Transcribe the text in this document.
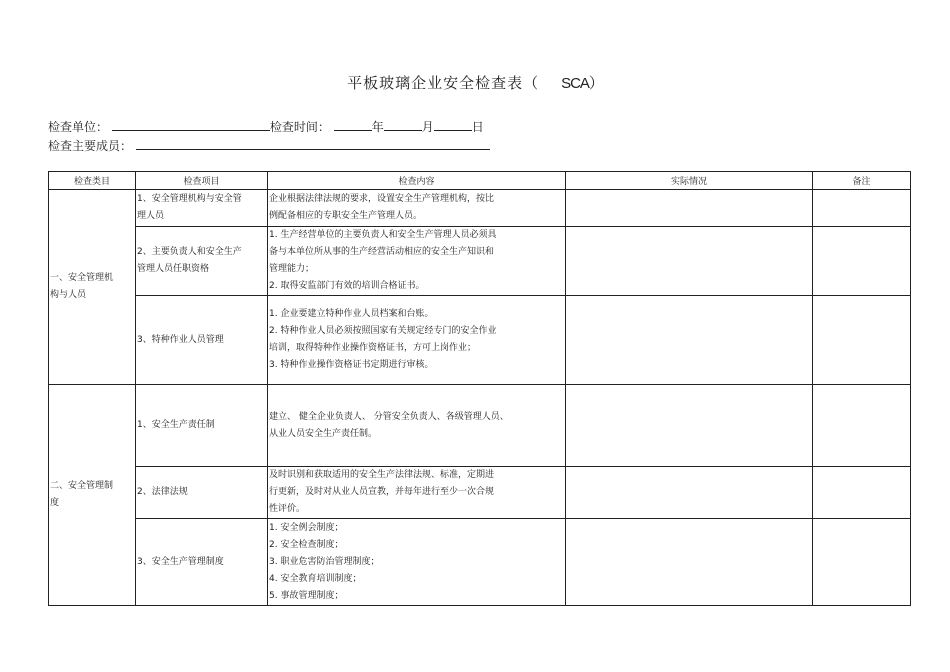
平板玻璃企业安全检查表（ SCA）
检查单位：	检查时间：	年	月	日
检查主要成员：
检查类目	检查项目	检查内容	实际情况	备注

一、安全管理机
构与人员	1、安全管理机构与安全管
理人员	企业根据法律法规的要求，设置安全生产管理机构，按比
例配备相应的专职安全生产管理人员。		

	2、主要负责人和安全生产
管理人员任职资格	1. 生产经营单位的主要负责人和安全生产管理人员必须具
备与本单位所从事的生产经营活动相应的安全生产知识和
管理能力；
2. 取得安监部门有效的培训合格证书。		

	3、特种作业人员管理	1. 企业要建立特种作业人员档案和台账。
2. 特种作业人员必须按照国家有关规定经专门的安全作业
培训，取得特种作业操作资格证书，方可上岗作业；
3. 特种作业操作资格证书定期进行审核。		

二、安全管理制
度	1、安全生产责任制	建立、 健全企业负责人、 分管安全负责人、各级管理人员、
从业人员安全生产责任制。		

	2、法律法规	及时识别和获取适用的安全生产法律法规、标准，定期进
行更新，及时对从业人员宣教，并每年进行至少一次合规
性评价。		

	3、安全生产管理制度	1. 安全例会制度；
2. 安全检查制度；
3. 职业危害防治管理制度；
4. 安全教育培训制度；
5. 事故管理制度；		
